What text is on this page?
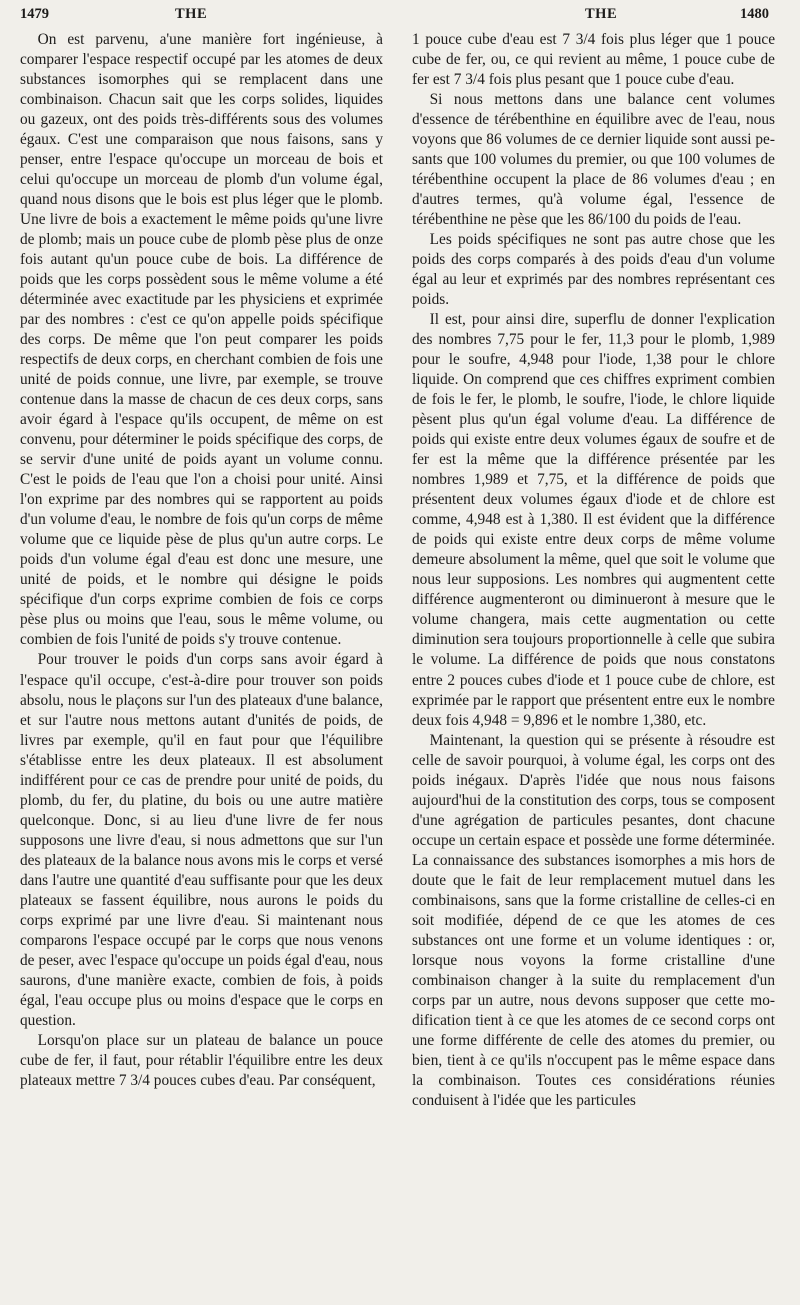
1479	THE	THE	1480

On est parvenu, a'une manière fort ingénieuse, à comparer l'espace respectif occupé par les atomes de deux substances isomorphes qui se remplacent dans une combinaison. Chacun sait que les corps solides, liquides ou gazeux, ont des poids très-différents sous des volumes égaux. C'est une comparaison que nous faisons, sans y penser, entre l'espace qu'occupe un morceau de bois et celui qu'occupe un morceau de plomb d'un volume égal, quand nous disons que le bois est plus léger que le plomb. Une livre de bois a exactement le même poids qu'une livre de plomb; mais un pouce cube de plomb pèse plus de onze fois autant qu'un pouce cube de bois. La différence de poids que les corps possèdent sous le même volume a été déterminée avec exactitude par les physiciens et exprimée par des nombres : c'est ce qu'on appelle poids spécifique des corps. De même que l'on peut comparer les poids respectifs de deux corps, en cherchant combien de fois une unité de poids connue, une livre, par exemple, se trouve contenue dans la masse de chacun de ces deux corps, sans avoir égard à l'espace qu'ils occupent, de même on est convenu, pour déterminer le poids spécifique des corps, de se servir d'une unité de poids ayant un volume connu. C'est le poids de l'eau que l'on a choisi pour unité. Ainsi l'on exprime par des nombres qui se rapportent au poids d'un volume d'eau, le nombre de fois qu'un corps de même volume que ce liquide pèse de plus qu'un autre corps. Le poids d'un volume égal d'eau est donc une mesure, une unité de poids, et le nombre qui désigne le poids spécifique d'un corps exprime combien de fois ce corps pèse plus ou moins que l'eau, sous le même volume, ou combien de fois l'unité de poids s'y trouve contenue.

Pour trouver le poids d'un corps sans avoir égard à l'espace qu'il occupe, c'est-à-dire pour trouver son poids absolu, nous le plaçons sur l'un des plateaux d'une balance, et sur l'autre nous mettons autant d'unités de poids, de livres par exemple, qu'il en faut pour que l'équilibre s'établisse entre les deux plateaux. Il est absolument indifférent pour ce cas de prendre pour unité de poids, du plomb, du fer, du platine, du bois ou une autre matière quelconque. Donc, si au lieu d'une livre de fer nous supposons une livre d'eau, si nous admettons que sur l'un des plateaux de la balance nous avons mis le corps et versé dans l'autre une quantité d'eau suffisante pour que les deux plateaux se fassent équilibre, nous aurons le poids du corps exprimé par une livre d'eau. Si maintenant nous comparons l'espace occupé par le corps que nous venons de peser, avec l'espace qu'occupe un poids égal d'eau, nous saurons, d'une manière exacte, combien de fois, à poids égal, l'eau occupe plus ou moins d'espace que le corps en question.

Lorsqu'on place sur un plateau de balance un pouce cube de fer, il faut, pour rétablir l'équilibre entre les deux plateaux mettre 7 3/4 pouces cubes d'eau. Par conséquent,

1 pouce cube d'eau est 7 3/4 fois plus léger que 1 pouce cube de fer, ou, ce qui revient au même, 1 pouce cube de fer est 7 3/4 fois plus pesant que 1 pouce cube d'eau.

Si nous mettons dans une balance cent volumes d'essence de térébenthine en équilibre avec de l'eau, nous voyons que 86 volumes de ce dernier liquide sont aussi pesants que 100 volumes du premier, ou que 100 volumes de térébenthine occupent la place de 86 volumes d'eau ; en d'autres termes, qu'à volume égal, l'essence de térébenthine ne pèse que les 86/100 du poids de l'eau.

Les poids spécifiques ne sont pas autre chose que les poids des corps comparés à des poids d'eau d'un volume égal au leur et exprimés par des nombres représentant ces poids.

Il est, pour ainsi dire, superflu de donner l'explication des nombres 7,75 pour le fer, 11,3 pour le plomb, 1,989 pour le soufre, 4,948 pour l'iode, 1,38 pour le chlore liquide. On comprend que ces chiffres expriment combien de fois le fer, le plomb, le soufre, l'iode, le chlore liquide pèsent plus qu'un égal volume d'eau. La différence de poids qui existe entre deux volumes égaux de soufre et de fer est la même que la différence présentée par les nombres 1,989 et 7,75, et la différence de poids que présentent deux volumes égaux d'iode et de chlore est comme, 4,948 est à 1,380. Il est évident que la différence de poids qui existe entre deux corps de même volume demeure absolument la même, quel que soit le volume que nous leur supposions. Les nombres qui augmentent cette différence augmenteront ou diminueront à mesure que le volume changera, mais cette augmentation ou cette diminution sera toujours proportionnelle à celle que subira le volume. La différence de poids que nous constatons entre 2 pouces cubes d'iode et 1 pouce cube de chlore, est exprimée par le rapport que présentent entre eux le nombre deux fois 4,948 = 9,896 et le nombre 1,380, etc.

Maintenant, la question qui se présente à résoudre est celle de savoir pourquoi, à volume égal, les corps ont des poids inégaux. D'après l'idée que nous nous faisons aujourd'hui de la constitution des corps, tous se composent d'une agrégation de particules pesantes, dont chacune occupe un certain espace et possède une forme déterminée. La connaissance des substances isomorphes a mis hors de doute que le fait de leur remplacement mutuel dans les combinaisons, sans que la forme cristalline de celles-ci en soit modifiée, dépend de ce que les atomes de ces substances ont une forme et un volume identiques : or, lorsque nous voyons la forme cristalline d'une combinaison changer à la suite du remplacement d'un corps par un autre, nous devons supposer que cette modification tient à ce que les atomes de ce second corps ont une forme différente de celle des atomes du premier, ou bien, tient à ce qu'ils n'occupent pas le même espace dans la combinaison. Toutes ces considérations réunies conduisent à l'idée que les particules
